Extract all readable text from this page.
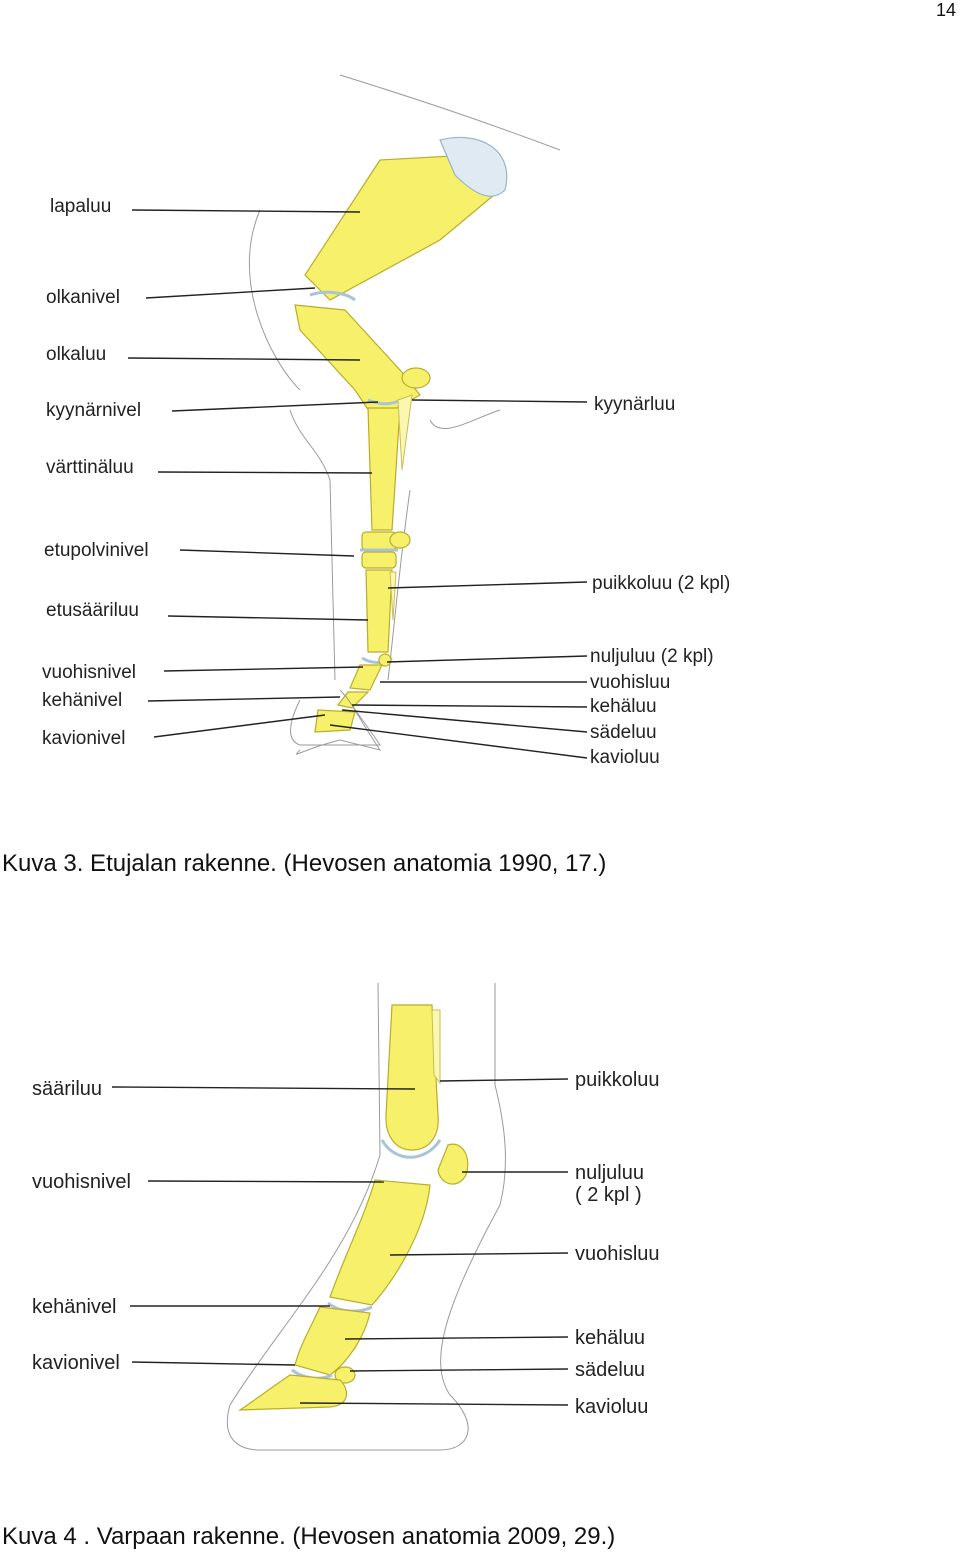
14
lapaluu
olkanivel
olkaluu
kyynärnivel
värttinäluu
etupolvinivel
etusääriluu
vuohisnivel
kehänivel
kavionivel
kyynärluu
puikkoluu (2 kpl)
nuljuluu (2 kpl)
vuohisluu
kehäluu
sädeluu
kavioluu
Kuva 3. Etujalan rakenne. (Hevosen anatomia 1990, 17.)
sääriluu
vuohisnivel
kehänivel
kavionivel
puikkoluu
nuljuluu
( 2 kpl )
vuohisluu
kehäluu
sädeluu
kavioluu
Kuva 4 . Varpaan rakenne. (Hevosen anatomia 2009, 29.)
